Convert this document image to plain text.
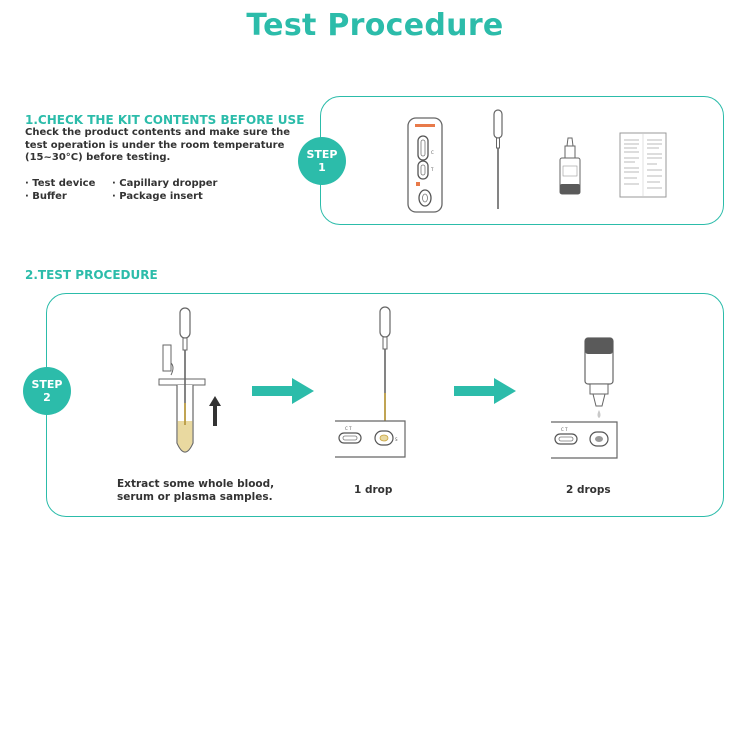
Test Procedure
1.CHECK THE KIT CONTENTS BEFORE USE
Check the product contents and make sure the test operation is under the room temperature (15~30°C) before testing.
· Test device
· Buffer
· Capillary dropper
· Package insert
STEP
1
C
T
2.TEST PROCEDURE
STEP
2
Extract some whole blood,
serum or plasma samples.
C T
S
1 drop
C T
2 drops
